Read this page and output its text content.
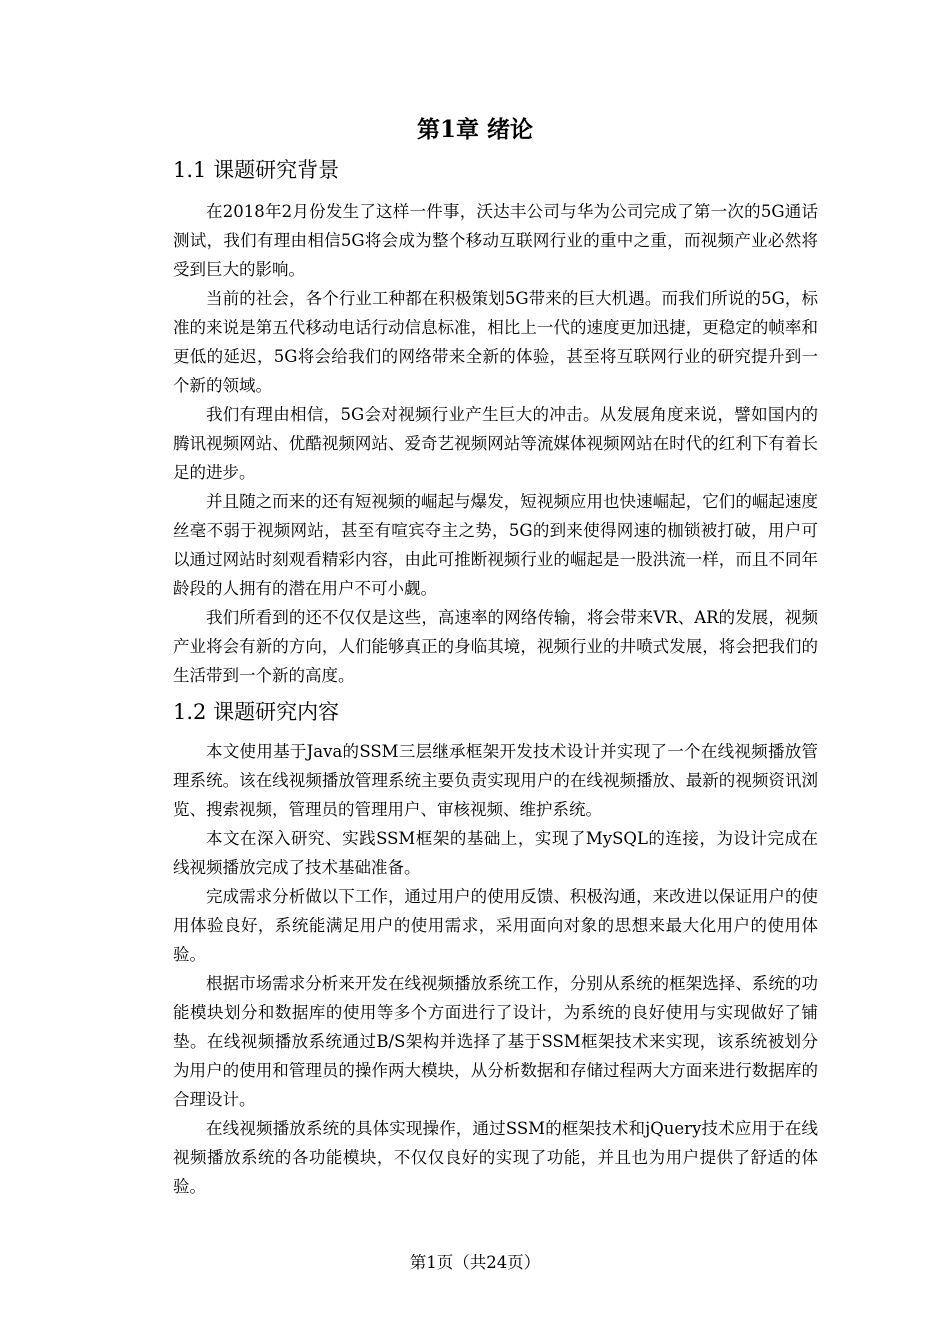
第1章 绪论
1.1 课题研究背景

在2018年2月份发生了这样一件事，沃达丰公司与华为公司完成了第一次的5G通话测试，我们有理由相信5G将会成为整个移动互联网行业的重中之重，而视频产业必然将受到巨大的影响。

当前的社会，各个行业工种都在积极策划5G带来的巨大机遇。而我们所说的5G，标准的来说是第五代移动电话行动信息标准，相比上一代的速度更加迅捷，更稳定的帧率和更低的延迟，5G将会给我们的网络带来全新的体验，甚至将互联网行业的研究提升到一个新的领域。

我们有理由相信，5G会对视频行业产生巨大的冲击。从发展角度来说，譬如国内的腾讯视频网站、优酷视频网站、爱奇艺视频网站等流媒体视频网站在时代的红利下有着长足的进步。

并且随之而来的还有短视频的崛起与爆发，短视频应用也快速崛起，它们的崛起速度丝毫不弱于视频网站，甚至有喧宾夺主之势，5G的到来使得网速的枷锁被打破，用户可以通过网站时刻观看精彩内容，由此可推断视频行业的崛起是一股洪流一样，而且不同年龄段的人拥有的潜在用户不可小觑。

我们所看到的还不仅仅是这些，高速率的网络传输，将会带来VR、AR的发展，视频产业将会有新的方向，人们能够真正的身临其境，视频行业的井喷式发展，将会把我们的生活带到一个新的高度。

1.2 课题研究内容

本文使用基于Java的SSM三层继承框架开发技术设计并实现了一个在线视频播放管理系统。该在线视频播放管理系统主要负责实现用户的在线视频播放、最新的视频资讯浏览、搜索视频，管理员的管理用户、审核视频、维护系统。

本文在深入研究、实践SSM框架的基础上，实现了MySQL的连接，为设计完成在线视频播放完成了技术基础准备。

完成需求分析做以下工作，通过用户的使用反馈、积极沟通，来改进以保证用户的使用体验良好，系统能满足用户的使用需求，采用面向对象的思想来最大化用户的使用体验。

根据市场需求分析来开发在线视频播放系统工作，分别从系统的框架选择、系统的功能模块划分和数据库的使用等多个方面进行了设计，为系统的良好使用与实现做好了铺垫。在线视频播放系统通过B/S架构并选择了基于SSM框架技术来实现，该系统被划分为用户的使用和管理员的操作两大模块，从分析数据和存储过程两大方面来进行数据库的合理设计。

在线视频播放系统的具体实现操作，通过SSM的框架技术和jQuery技术应用于在线视频播放系统的各功能模块，不仅仅良好的实现了功能，并且也为用户提供了舒适的体验。

第1页（共24页）
